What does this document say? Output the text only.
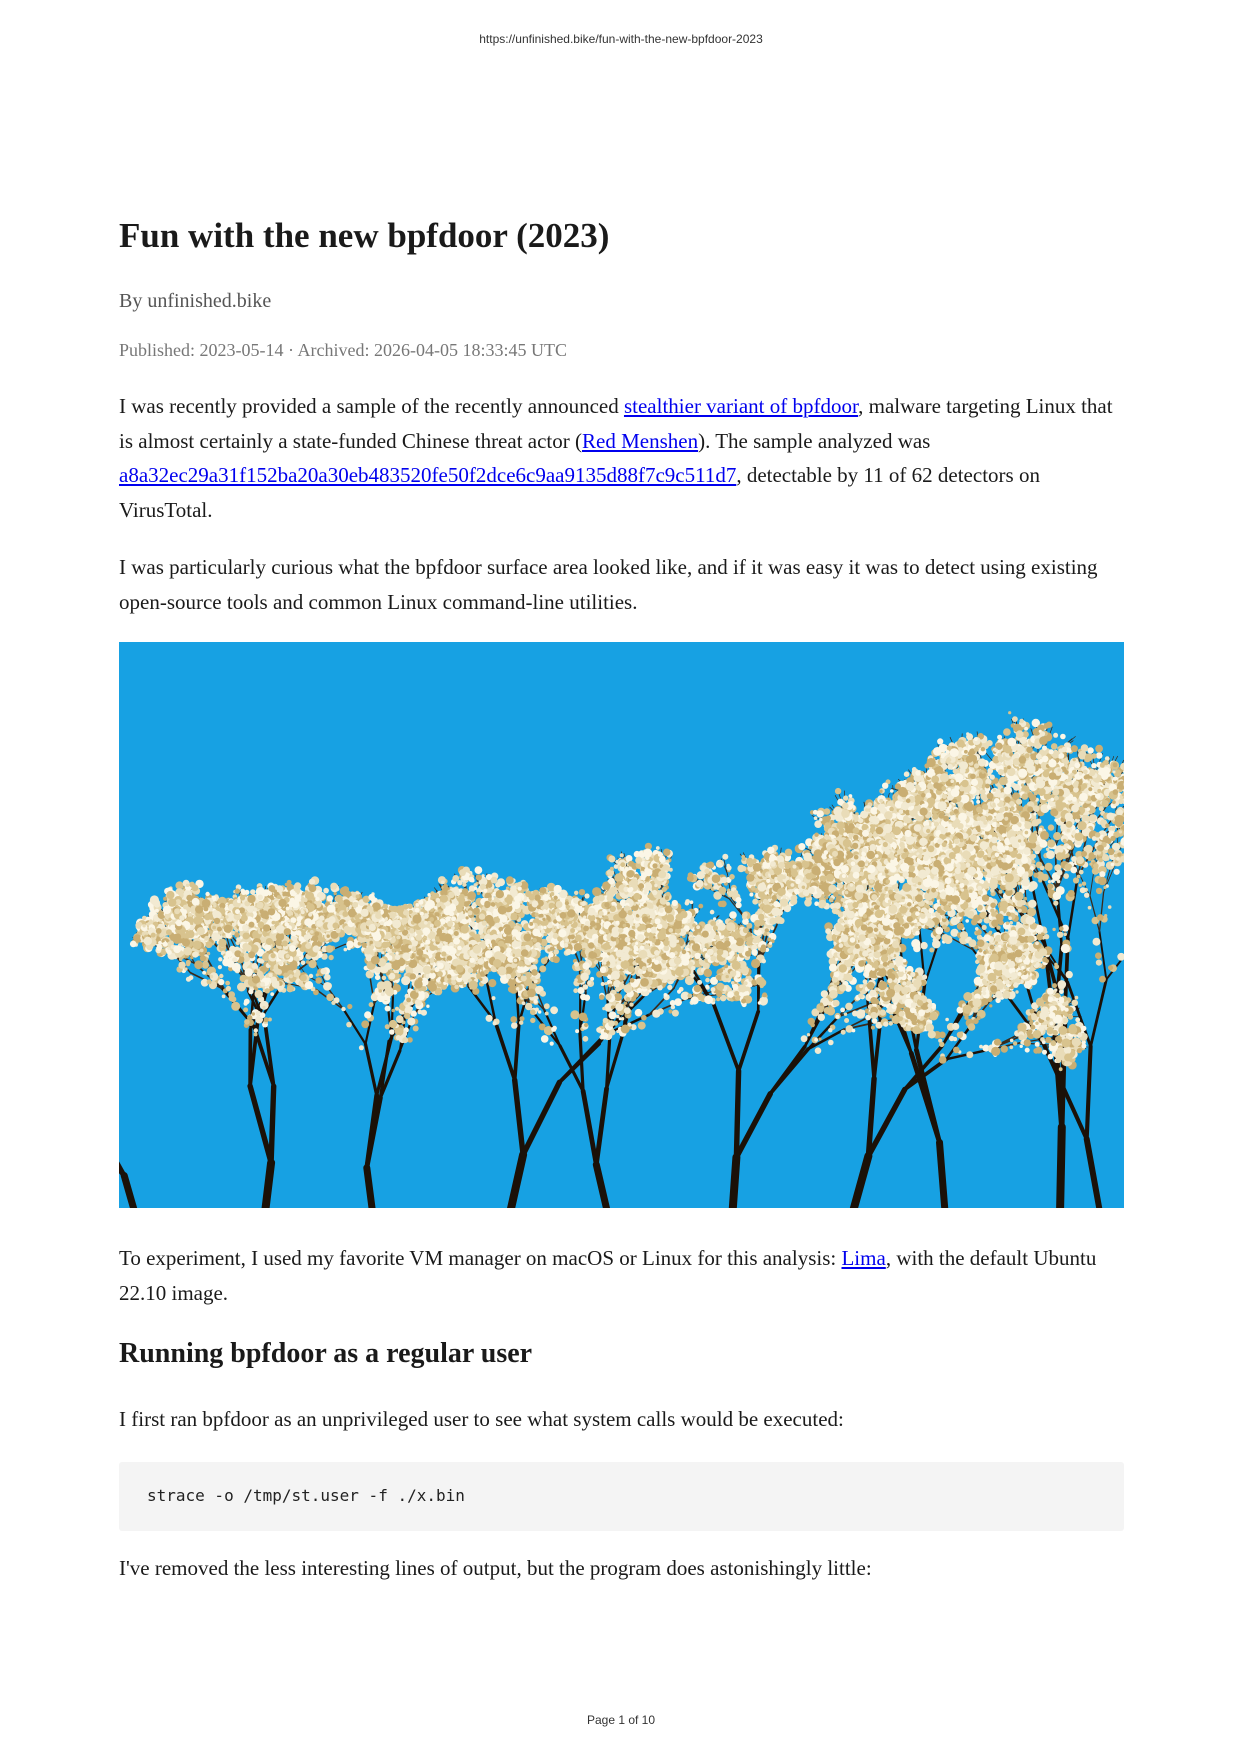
https://unfinished.bike/fun-with-the-new-bpfdoor-2023
Fun with the new bpfdoor (2023)

By unfinished.bike

Published: 2023-05-14 · Archived: 2026-04-05 18:33:45 UTC

I was recently provided a sample of the recently announced stealthier variant of bpfdoor, malware targeting Linux that is almost certainly a state-funded Chinese threat actor (Red Menshen). The sample analyzed was a8a32ec29a31f152ba20a30eb483520fe50f2dce6c9aa9135d88f7c9c511d7, detectable by 11 of 62 detectors on VirusTotal.

I was particularly curious what the bpfdoor surface area looked like, and if it was easy it was to detect using existing open-source tools and common Linux command-line utilities.

To experiment, I used my favorite VM manager on macOS or Linux for this analysis: Lima, with the default Ubuntu 22.10 image.

Running bpfdoor as a regular user

I first ran bpfdoor as an unprivileged user to see what system calls would be executed:

strace -o /tmp/st.user -f ./x.bin

I've removed the less interesting lines of output, but the program does astonishingly little:

Page 1 of 10
